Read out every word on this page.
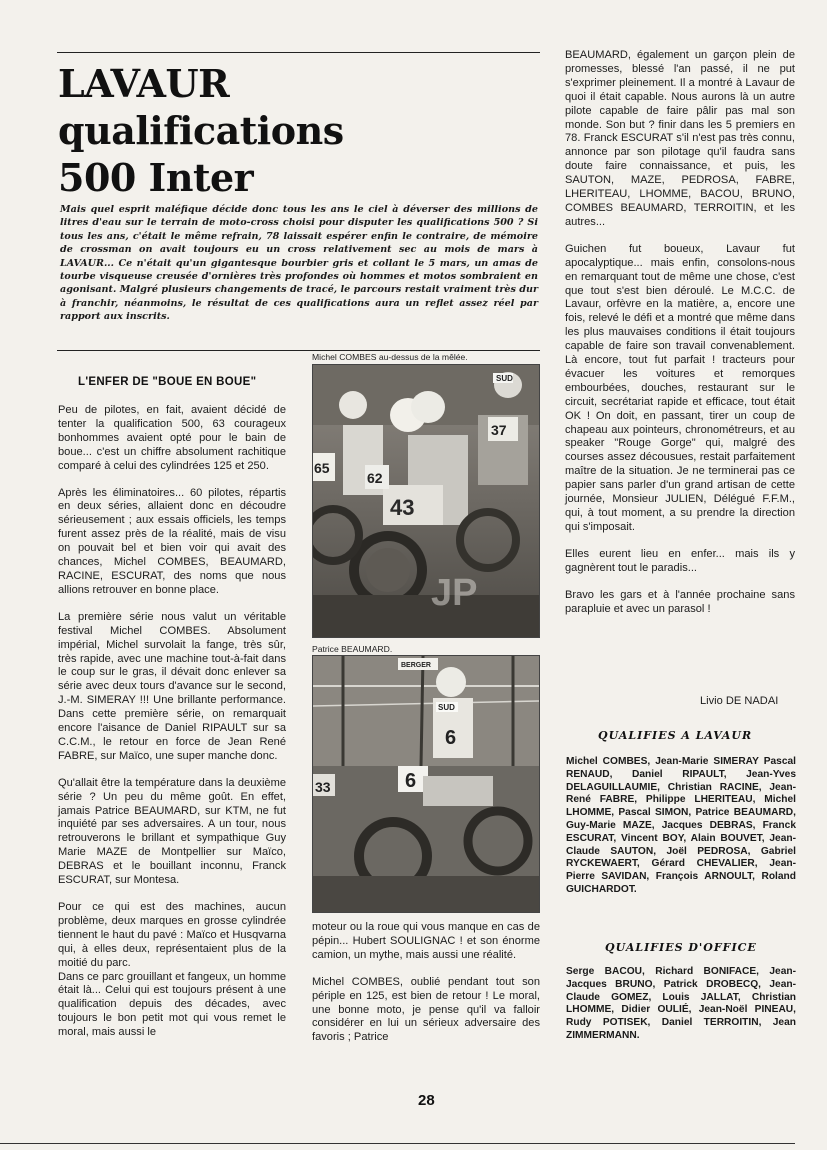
LAVAUR
qualifications
500 Inter
Mais quel esprit maléfique décide donc tous les ans le ciel à déverser des millions de litres d'eau sur le terrain de moto-cross choisi pour disputer les qualifications 500 ? Si tous les ans, c'était le même refrain, 78 laissait espérer enfin le contraire, de mémoire de crossman on avait toujours eu un cross relativement sec au mois de mars à LAVAUR... Ce n'était qu'un gigantesque bourbier gris et collant le 5 mars, un amas de tourbe visqueuse creusée d'ornières très profondes où hommes et motos sombraient en agonisant. Malgré plusieurs changements de tracé, le parcours restait vraiment très dur à franchir, néanmoins, le résultat de ces qualifications aura un reflet assez réel par rapport aux inscrits.
L'ENFER DE "BOUE EN BOUE"

Peu de pilotes, en fait, avaient décidé de tenter la qualification 500, 63 courageux bonhommes avaient opté pour le bain de boue... c'est un chiffre absolument rachitique comparé à celui des cylindrées 125 et 250.

Après les éliminatoires... 60 pilotes, répartis en deux séries, allaient donc en découdre sérieusement ; aux essais officiels, les temps furent assez près de la réalité, mais de visu on pouvait bel et bien voir qui avait des chances, Michel COMBES, BEAUMARD, RACINE, ESCURAT, des noms que nous allions retrouver en bonne place.

La première série nous valut un véritable festival Michel COMBES. Absolument impérial, Michel survolait la fange, très sûr, très rapide, avec une machine tout-à-fait dans le coup sur le gras, il dévait donc enlever sa série avec deux tours d'avance sur le second, J.-M. SIMERAY !!! Une brillante performance. Dans cette première série, on remarquait encore l'aisance de Daniel RIPAULT sur sa C.C.M., le retour en force de Jean René FABRE, sur Maïco, une super manche donc.

Qu'allait être la température dans la deuxième série ? Un peu du même goût. En effet, jamais Patrice BEAUMARD, sur KTM, ne fut inquiété par ses adversaires. A un tour, nous retrouverons le brillant et sympathique Guy Marie MAZE de Montpellier sur Maïco, DEBRAS et le bouillant inconnu, Franck ESCURAT, sur Montesa.

Pour ce qui est des machines, aucun problème, deux marques en grosse cylindrée tiennent le haut du pavé : Maïco et Husqvarna qui, à elles deux, représentaient plus de la moitié du parc.

Dans ce parc grouillant et fangeux, un homme était là... Celui qui est toujours présent à une qualification depuis des décades, avec toujours le bon petit mot qui vous remet le moral, mais aussi le

Michel COMBES au-dessus de la mêlée.
SUD
43
62
65
37
JP
Patrice BEAUMARD.
BERGER
SUD
6
6
33

moteur ou la roue qui vous manque en cas de pépin... Hubert SOULIGNAC ! et son énorme camion, un mythe, mais aussi une réalité.

Michel COMBES, oublié pendant tout son périple en 125, est bien de retour ! Le moral, une bonne moto, je pense qu'il va falloir considérer en lui un sérieux adversaire des favoris ; Patrice

BEAUMARD, également un garçon plein de promesses, blessé l'an passé, il ne put s'exprimer pleinement. Il a montré à Lavaur de quoi il était capable. Nous aurons là un autre pilote capable de faire pâlir pas mal son monde. Son but ? finir dans les 5 premiers en 78. Franck ESCURAT s'il n'est pas très connu, annonce par son pilotage qu'il faudra sans doute faire connaissance, et puis, les SAUTON, MAZE, PEDROSA, FABRE, LHERITEAU, LHOMME, BACOU, BRUNO, COMBES BEAUMARD, TERROITIN, et les autres...

Guichen fut boueux, Lavaur fut apocalyptique... mais enfin, consolons-nous en remarquant tout de même une chose, c'est que tout s'est bien déroulé. Le M.C.C. de Lavaur, orfèvre en la matière, a, encore une fois, relevé le défi et a montré que même dans les plus mauvaises conditions il était toujours capable de faire son travail convenablement. Là encore, tout fut parfait ! tracteurs pour évacuer les voitures et remorques embourbées, douches, restaurant sur le circuit, secrétariat rapide et efficace, tout était OK ! On doit, en passant, tirer un coup de chapeau aux pointeurs, chronométreurs, et au speaker "Rouge Gorge" qui, malgré des courses assez décousues, restait parfaitement maître de la situation. Je ne terminerai pas ce papier sans parler d'un grand artisan de cette journée, Monsieur JULIEN, Délégué F.F.M., qui, à tout moment, a su prendre la direction qui s'imposait.

Elles eurent lieu en enfer... mais ils y gagnèrent tout le paradis...

Bravo les gars et à l'année prochaine sans parapluie et avec un parasol !

Livio DE NADAI
QUALIFIES A LAVAUR
Michel COMBES, Jean-Marie SIMERAY Pascal RENAUD, Daniel RIPAULT, Jean-Yves DELAGUILLAUMIE, Christian RACINE, Jean-René FABRE, Philippe LHERITEAU, Michel LHOMME, Pascal SIMON, Patrice BEAUMARD, Guy-Marie MAZE, Jacques DEBRAS, Franck ESCURAT, Vincent BOY, Alain BOUVET, Jean-Claude SAUTON, Joël PEDROSA, Gabriel RYCKEWAERT, Gérard CHEVALIER, Jean-Pierre SAVIDAN, François ARNOULT, Roland GUICHARDOT.
QUALIFIES D'OFFICE
Serge BACOU, Richard BONIFACE, Jean-Jacques BRUNO, Patrick DROBECQ, Jean-Claude GOMEZ, Louis JALLAT, Christian LHOMME, Didier OULIÉ, Jean-Noël PINEAU, Rudy POTISEK, Daniel TERROITIN, Jean ZIMMERMANN.
28
